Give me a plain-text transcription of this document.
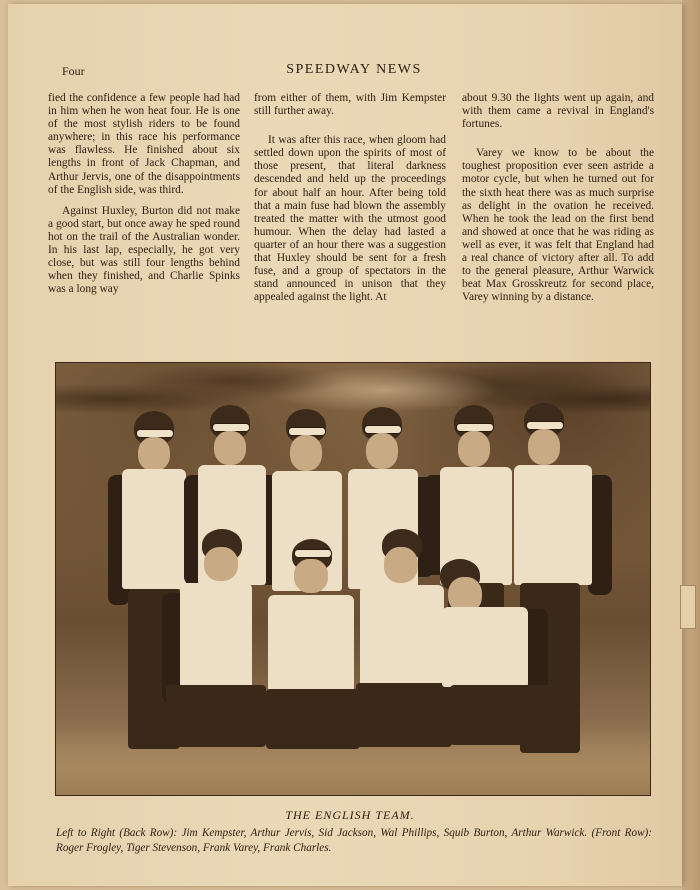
Four	SPEEDWAY NEWS

fied the confidence a few people had had in him when he won heat four. He is one of the most stylish riders to be found anywhere; in this race his performance was flawless. He finished about six lengths in front of Jack Chapman, and Arthur Jervis, one of the disappointments of the English side, was third.

Against Huxley, Burton did not make a good start, but once away he sped round hot on the trail of the Australian wonder. In his last lap, especially, he got very close, but was still four lengths behind when they finished, and Charlie Spinks was a long way

from either of them, with Jim Kempster still further away.

It was after this race, when gloom had settled down upon the spirits of most of those present, that literal darkness descended and held up the proceedings for about half an hour. After being told that a main fuse had blown the assembly treated the matter with the utmost good humour. When the delay had lasted a quarter of an hour there was a suggestion that Huxley should be sent for a fresh fuse, and a group of spectators in the stand announced in unison that they appealed against the light. At

about 9.30 the lights went up again, and with them came a revival in England's fortunes.

Varey we know to be about the toughest proposition ever seen astride a motor cycle, but when he turned out for the sixth heat there was as much surprise as delight in the ovation he received. When he took the lead on the first bend and showed at once that he was riding as well as ever, it was felt that England had a real chance of victory after all. To add to the general pleasure, Arthur Warwick beat Max Grosskreutz for second place, Varey winning by a distance.

THE ENGLISH TEAM.
Left to Right (Back Row): Jim Kempster, Arthur Jervis, Sid Jackson, Wal Phillips, Squib Burton, Arthur Warwick. (Front Row): Roger Frogley, Tiger Stevenson, Frank Varey, Frank Charles.
